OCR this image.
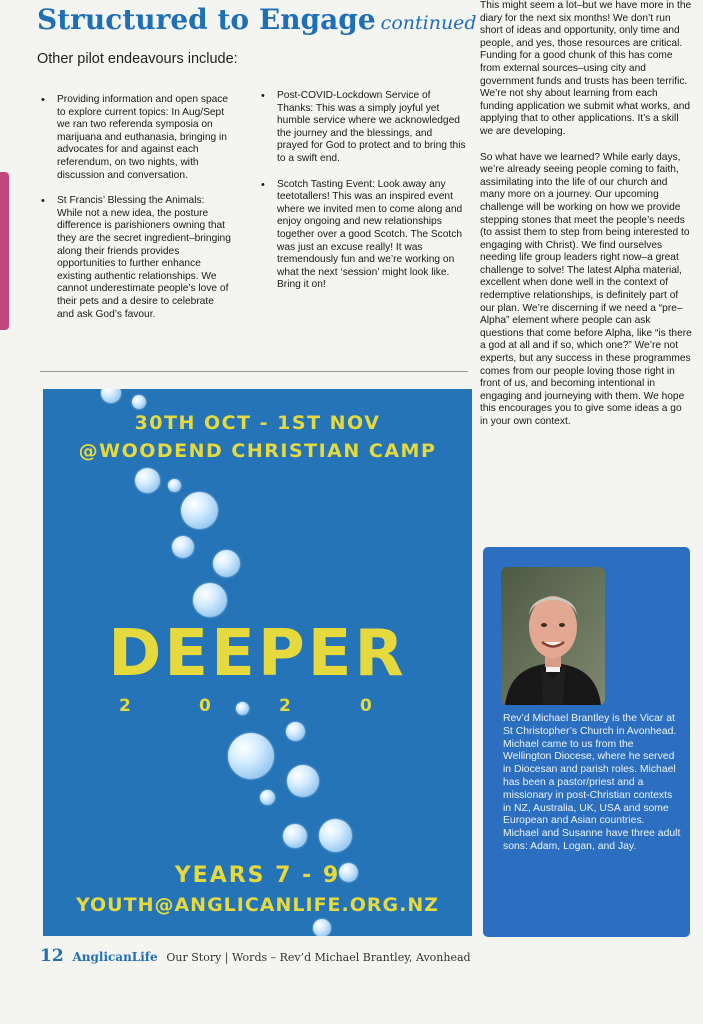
Structured to Engage continued

Other pilot endeavours include:

• Providing information and open space to explore current topics: In Aug/Sept we ran two referenda symposia on marijuana and euthanasia, bringing in advocates for and against each referendum, on two nights, with discussion and conversation.
• St Francis’ Blessing the Animals: While not a new idea, the posture difference is parishioners owning that they are the secret ingredient–bringing along their friends provides opportunities to further enhance existing authentic relationships. We cannot underestimate people’s love of their pets and a desire to celebrate and ask God’s favour.
• Post-COVID-Lockdown Service of Thanks: This was a simply joyful yet humble service where we acknowledged the journey and the blessings, and prayed for God to protect and to bring this to a swift end.
• Scotch Tasting Event: Look away any teetotallers! This was an inspired event where we invited men to come along and enjoy ongoing and new relationships together over a good Scotch. The Scotch was just an excuse really! It was tremendously fun and we’re working on what the next ‘session’ might look like. Bring it on!

This might seem a lot–but we have more in the diary for the next six months! We don’t run short of ideas and opportunity, only time and people, and yes, those resources are critical. Funding for a good chunk of this has come from external sources–using city and government funds and trusts has been terrific. We’re not shy about learning from each funding application we submit what works, and applying that to other applications. It’s a skill we are developing.

So what have we learned? While early days, we’re already seeing people coming to faith, assimilating into the life of our church and many more on a journey. Our upcoming challenge will be working on how we provide stepping stones that meet the people’s needs (to assist them to step from being interested to engaging with Christ). We find ourselves needing life group leaders right now–a great challenge to solve! The latest Alpha material, excellent when done well in the context of redemptive relationships, is definitely part of our plan. We’re discerning if we need a “pre–Alpha” element where people can ask questions that come before Alpha, like “is there a god at all and if so, which one?” We’re not experts, but any success in these programmes comes from our people loving those right in front of us, and becoming intentional in engaging and journeying with them. We hope this encourages you to give some ideas a go in your own context.

30TH OCT - 1ST NOV
@WOODEND CHRISTIAN CAMP
DEEPER
2	0	2	0
YEARS 7 - 9
YOUTH@ANGLICANLIFE.ORG.NZ

Rev’d Michael Brantley is the Vicar at St Christopher’s Church in Avonhead. Michael came to us from the Wellington Diocese, where he served in Diocesan and parish roles. Michael has been a pastor/priest and a missionary in post-Christian contexts in NZ, Australia, UK, USA and some European and Asian countries. Michael and Susanne have three adult sons: Adam, Logan, and Jay.

12 AnglicanLife Our Story | Words – Rev’d Michael Brantley, Avonhead
